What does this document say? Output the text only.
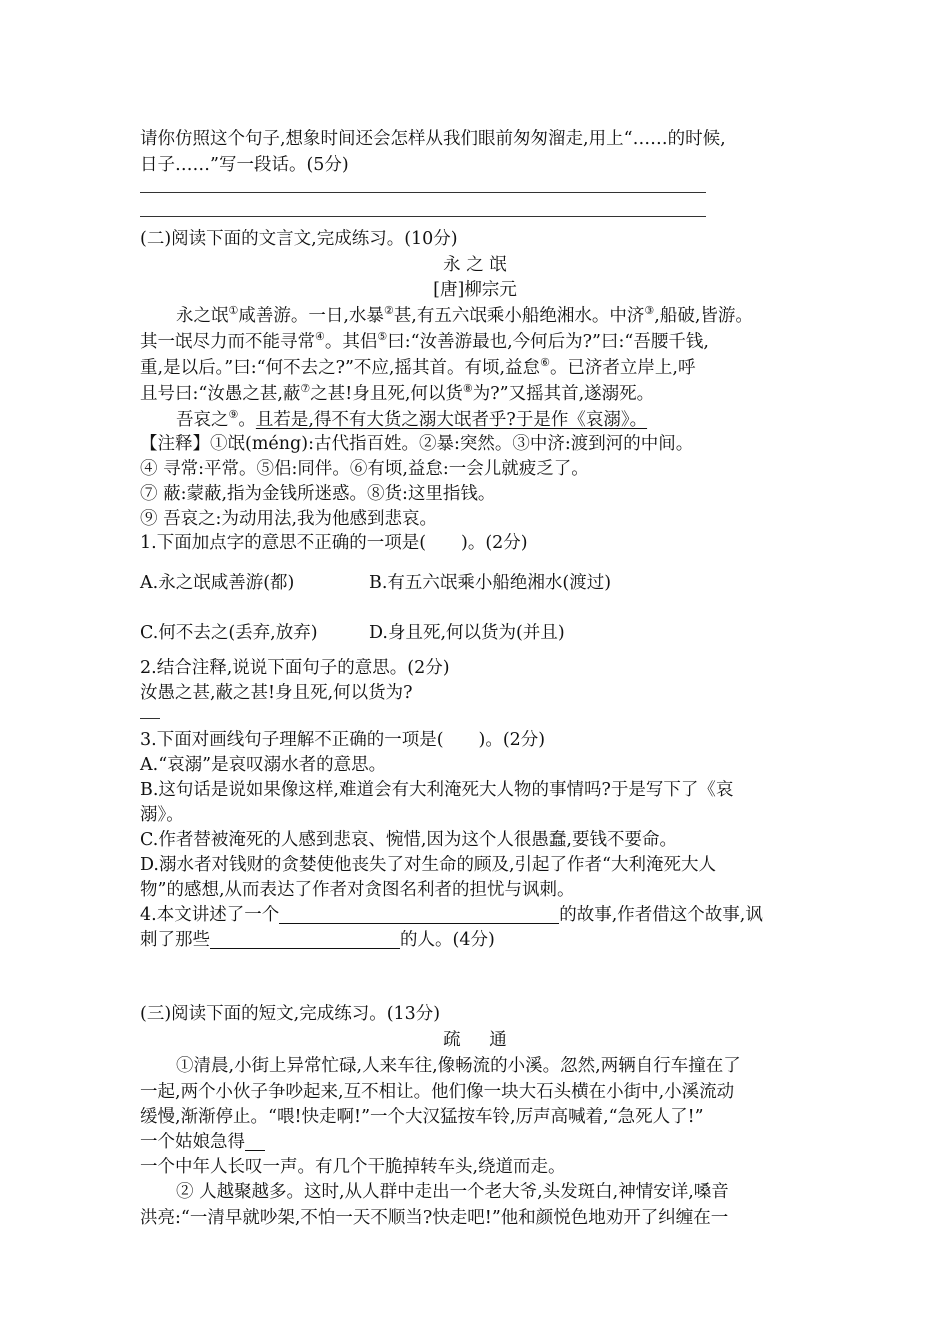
请你仿照这个句子,想象时间还会怎样从我们眼前匆匆溜走,用上“……的时候,
日子……”写一段话。(5分)
(二)阅读下面的文言文,完成练习。(10分)
永 之 氓
[唐]柳宗元
永之氓①咸善游。一日,水暴②甚,有五六氓乘小船绝湘水。中济③,船破,皆游。
其一氓尽力而不能寻常④。其侣⑤曰:“汝善游最也,今何后为?”曰:“吾腰千钱,
重,是以后。”曰:“何不去之?”不应,摇其首。有顷,益怠⑥。已济者立岸上,呼
且号曰:“汝愚之甚,蔽⑦之甚!身且死,何以货⑧为?”又摇其首,遂溺死。
吾哀之⑨。且若是,得不有大货之溺大氓者乎?于是作《哀溺》。
【注释】①氓(méng):古代指百姓。②暴:突然。③中济:渡到河的中间。
④ 寻常:平常。⑤侣:同伴。⑥有顷,益怠:一会儿就疲乏了。
⑦ 蔽:蒙蔽,指为金钱所迷惑。⑧货:这里指钱。
⑨ 吾哀之:为动用法,我为他感到悲哀。
1.下面加点字的意思不正确的一项是(　　)。(2分)
A.永之氓咸善游(都)	B.有五六氓乘小船绝湘水(渡过)
C.何不去之(丢弃,放弃)	D.身且死,何以货为(并且)
2.结合注释,说说下面句子的意思。(2分)
汝愚之甚,蔽之甚!身且死,何以货为?
3.下面对画线句子理解不正确的一项是(　　)。(2分)
A.“哀溺”是哀叹溺水者的意思。
B.这句话是说如果像这样,难道会有大利淹死大人物的事情吗?于是写下了《哀
溺》。
C.作者替被淹死的人感到悲哀、惋惜,因为这个人很愚蠢,要钱不要命。
D.溺水者对钱财的贪婪使他丧失了对生命的顾及,引起了作者“大利淹死大人
物”的感想,从而表达了作者对贪图名利者的担忧与讽刺。
4.本文讲述了一个	的故事,作者借这个故事,讽
刺了那些	的人。(4分)
(三)阅读下面的短文,完成练习。(13分)
疏 　 通
①清晨,小街上异常忙碌,人来车往,像畅流的小溪。忽然,两辆自行车撞在了
一起,两个小伙子争吵起来,互不相让。他们像一块大石头横在小街中,小溪流动
缓慢,渐渐停止。“喂!快走啊!”一个大汉猛按车铃,厉声高喊着,“急死人了!”
一个姑娘急得
一个中年人长叹一声。有几个干脆掉转车头,绕道而走。
② 人越聚越多。这时,从人群中走出一个老大爷,头发斑白,神情安详,嗓音
洪亮:“一清早就吵架,不怕一天不顺当?快走吧!”他和颜悦色地劝开了纠缠在一
